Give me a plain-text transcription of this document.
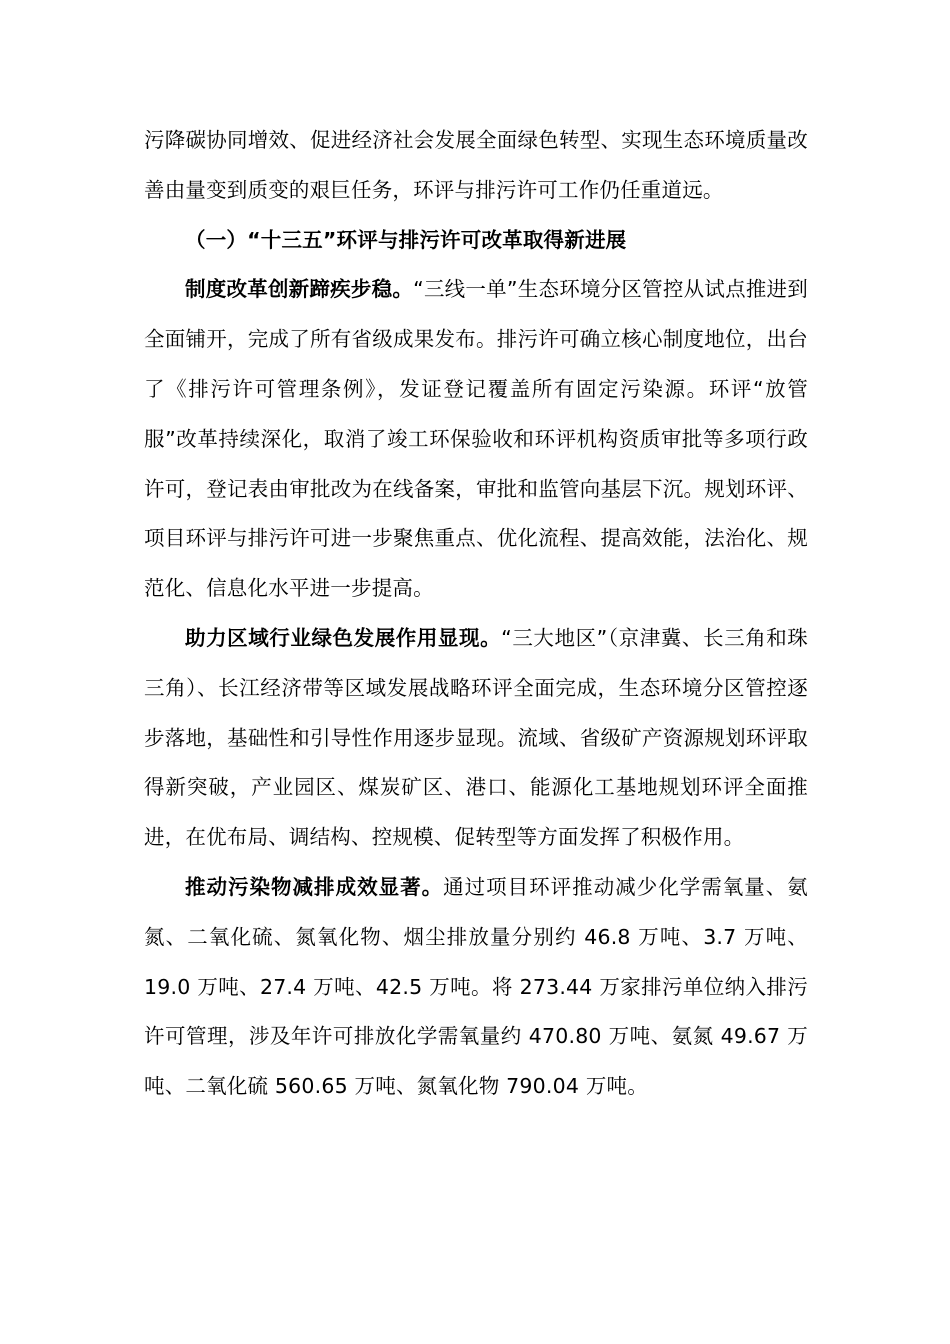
污降碳协同增效、促进经济社会发展全面绿色转型、实现生态环境质量改善由量变到质变的艰巨任务，环评与排污许可工作仍任重道远。

（一）“十三五”环评与排污许可改革取得新进展

制度改革创新蹄疾步稳。“三线一单”生态环境分区管控从试点推进到全面铺开，完成了所有省级成果发布。排污许可确立核心制度地位，出台了《排污许可管理条例》，发证登记覆盖所有固定污染源。环评“放管服”改革持续深化，取消了竣工环保验收和环评机构资质审批等多项行政许可，登记表由审批改为在线备案，审批和监管向基层下沉。规划环评、项目环评与排污许可进一步聚焦重点、优化流程、提高效能，法治化、规范化、信息化水平进一步提高。

助力区域行业绿色发展作用显现。“三大地区”（京津冀、长三角和珠三角）、长江经济带等区域发展战略环评全面完成，生态环境分区管控逐步落地，基础性和引导性作用逐步显现。流域、省级矿产资源规划环评取得新突破，产业园区、煤炭矿区、港口、能源化工基地规划环评全面推进，在优布局、调结构、控规模、促转型等方面发挥了积极作用。

推动污染物减排成效显著。通过项目环评推动减少化学需氧量、氨氮、二氧化硫、氮氧化物、烟尘排放量分别约 46.8 万吨、3.7 万吨、19.0 万吨、27.4 万吨、42.5 万吨。将 273.44 万家排污单位纳入排污许可管理，涉及年许可排放化学需氧量约 470.80 万吨、氨氮 49.67 万吨、二氧化硫 560.65 万吨、氮氧化物 790.04 万吨。
